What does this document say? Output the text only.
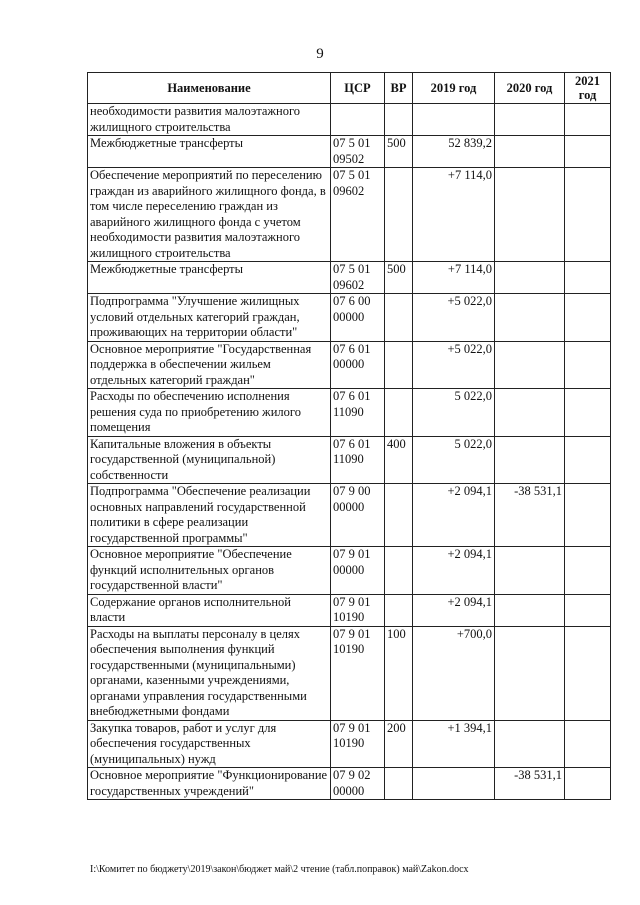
9
Наименование	ЦСР	ВР	2019 год	2020 год	2021 год
необходимости развития малоэтажного жилищного строительства					
Межбюджетные трансферты	07 5 01 09502	500	52 839,2		
Обеспечение мероприятий по переселению граждан из аварийного жилищного фонда, в том числе переселению граждан из аварийного жилищного фонда с учетом необходимости развития малоэтажного жилищного строительства	07 5 01 09602		+7 114,0		
Межбюджетные трансферты	07 5 01 09602	500	+7 114,0		
Подпрограмма "Улучшение жилищных условий отдельных категорий граждан, проживающих на территории области"	07 6 00 00000		+5 022,0		
Основное мероприятие "Государственная поддержка в обеспечении жильем отдельных категорий граждан"	07 6 01 00000		+5 022,0		
Расходы по обеспечению исполнения решения суда по приобретению жилого помещения	07 6 01 11090		5 022,0		
Капитальные вложения в объекты государственной (муниципальной) собственности	07 6 01 11090	400	5 022,0		
Подпрограмма "Обеспечение реализации основных направлений государственной политики в сфере реализации государственной программы"	07 9 00 00000		+2 094,1	-38 531,1	
Основное мероприятие "Обеспечение функций исполнительных органов государственной власти"	07 9 01 00000		+2 094,1		
Содержание органов исполнительной власти	07 9 01 10190		+2 094,1		
Расходы на выплаты персоналу в целях обеспечения выполнения функций государственными (муниципальными) органами, казенными учреждениями, органами управления государственными внебюджетными фондами	07 9 01 10190	100	+700,0		
Закупка товаров, работ и услуг для обеспечения государственных (муниципальных) нужд	07 9 01 10190	200	+1 394,1		
Основное мероприятие "Функционирование государственных учреждений"	07 9 02 00000			-38 531,1	
I:\Комитет по бюджету\2019\закон\бюджет май\2 чтение (табл.поправок) май\Zakon.docx
